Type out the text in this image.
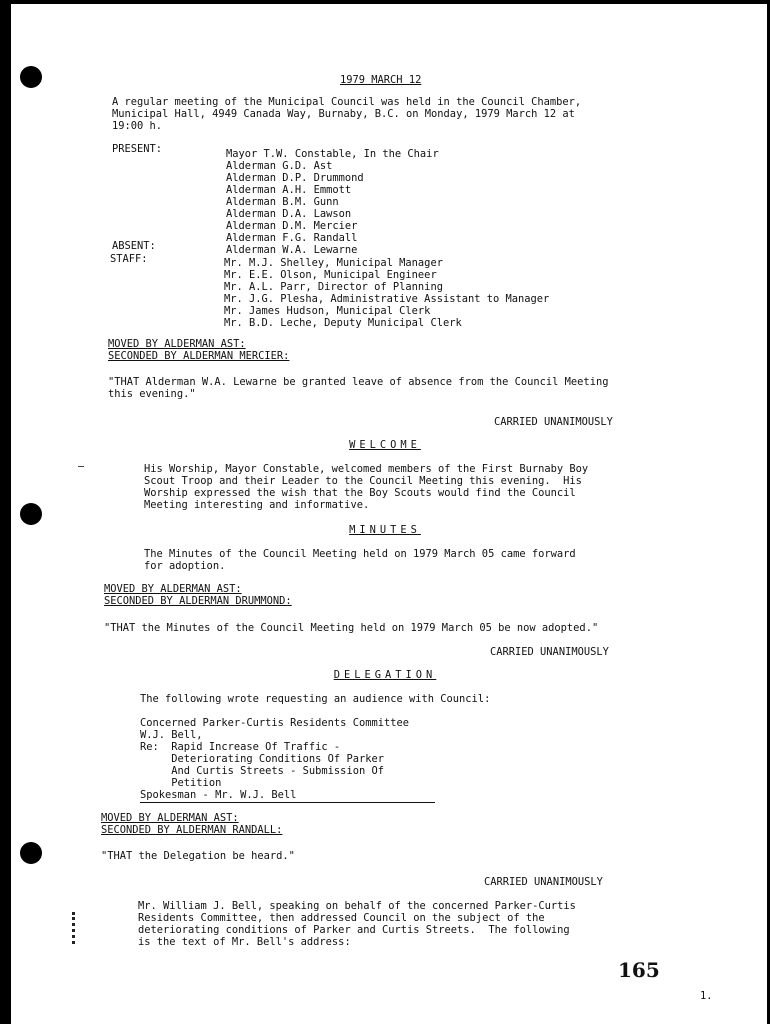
1979 MARCH 12
A regular meeting of the Municipal Council was held in the Council Chamber,
Municipal Hall, 4949 Canada Way, Burnaby, B.C. on Monday, 1979 March 12 at
19:00 h.
PRESENT:	Mayor T.W. Constable, In the Chair
Alderman G.D. Ast
Alderman D.P. Drummond
Alderman A.H. Emmott
Alderman B.M. Gunn
Alderman D.A. Lawson
Alderman D.M. Mercier
Alderman F.G. Randall
ABSENT:	Alderman W.A. Lewarne
STAFF:	Mr. M.J. Shelley, Municipal Manager
Mr. E.E. Olson, Municipal Engineer
Mr. A.L. Parr, Director of Planning
Mr. J.G. Plesha, Administrative Assistant to Manager
Mr. James Hudson, Municipal Clerk
Mr. B.D. Leche, Deputy Municipal Clerk
MOVED BY ALDERMAN AST:
SECONDED BY ALDERMAN MERCIER:
"THAT Alderman W.A. Lewarne be granted leave of absence from the Council Meeting
this evening."
CARRIED UNANIMOUSLY
WELCOME
His Worship, Mayor Constable, welcomed members of the First Burnaby Boy
Scout Troop and their Leader to the Council Meeting this evening.  His
Worship expressed the wish that the Boy Scouts would find the Council
Meeting interesting and informative.
MINUTES
The Minutes of the Council Meeting held on 1979 March 05 came forward
for adoption.
MOVED BY ALDERMAN AST:
SECONDED BY ALDERMAN DRUMMOND:
"THAT the Minutes of the Council Meeting held on 1979 March 05 be now adopted."
CARRIED UNANIMOUSLY
DELEGATION
The following wrote requesting an audience with Council:
Concerned Parker-Curtis Residents Committee
W.J. Bell,
Re:  Rapid Increase Of Traffic -
Deteriorating Conditions Of Parker
And Curtis Streets - Submission Of
Petition
Spokesman - Mr. W.J. Bell
MOVED BY ALDERMAN AST:
SECONDED BY ALDERMAN RANDALL:
"THAT the Delegation be heard."
CARRIED UNANIMOUSLY
Mr. William J. Bell, speaking on behalf of the concerned Parker-Curtis
Residents Committee, then addressed Council on the subject of the
deteriorating conditions of Parker and Curtis Streets.  The following
is the text of Mr. Bell's address:
165
1.
